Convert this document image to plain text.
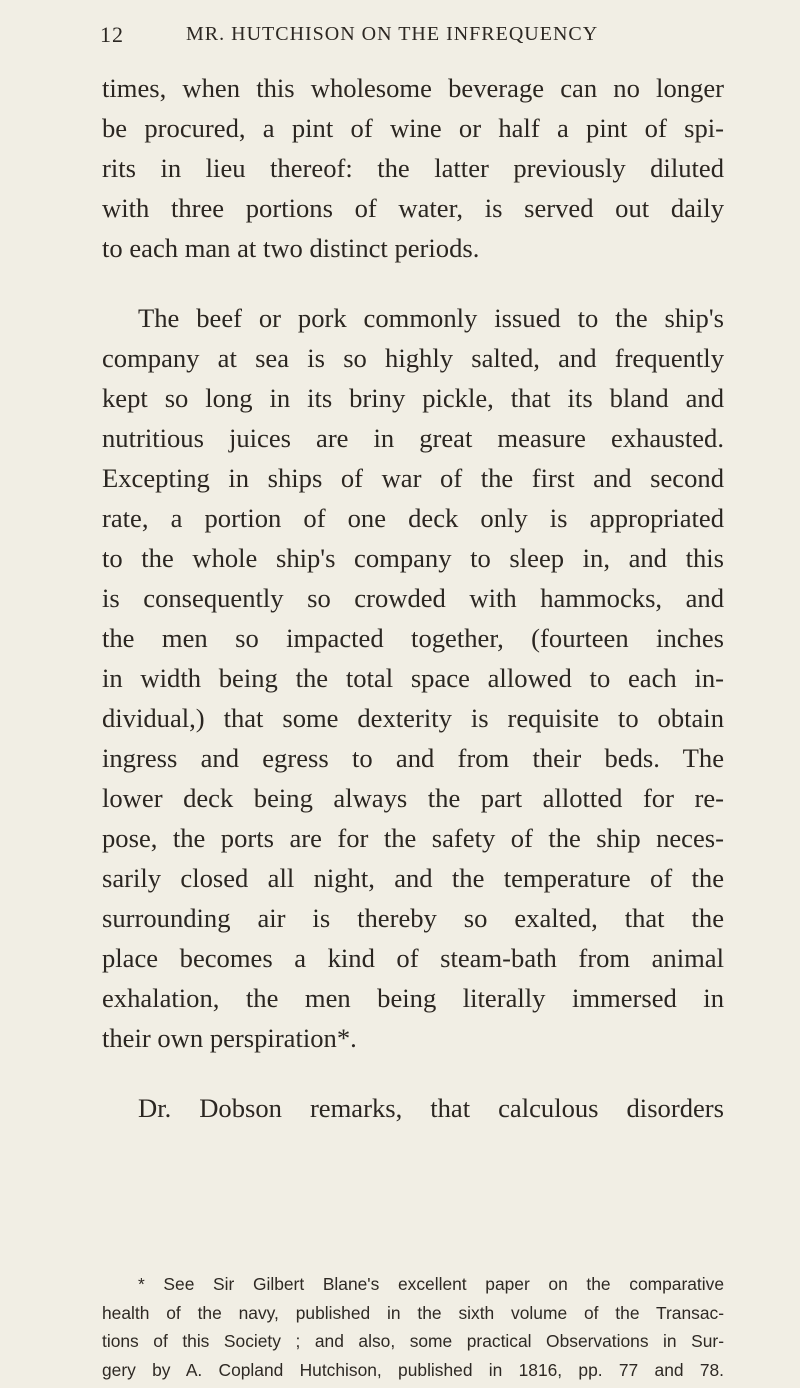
12	MR. HUTCHISON ON THE INFREQUENCY
times, when this wholesome beverage can no longer
be procured, a pint of wine or half a pint of spi-
rits in lieu thereof: the latter previously diluted
with three portions of water, is served out daily
to each man at two distinct periods.
The beef or pork commonly issued to the ship's
company at sea is so highly salted, and frequently
kept so long in its briny pickle, that its bland and
nutritious juices are in great measure exhausted.
Excepting in ships of war of the first and second
rate, a portion of one deck only is appropriated
to the whole ship's company to sleep in, and this
is consequently so crowded with hammocks, and
the men so impacted together, (fourteen inches
in width being the total space allowed to each in-
dividual,) that some dexterity is requisite to obtain
ingress and egress to and from their beds. The
lower deck being always the part allotted for re-
pose, the ports are for the safety of the ship neces-
sarily closed all night, and the temperature of the
surrounding air is thereby so exalted, that the
place becomes a kind of steam-bath from animal
exhalation, the men being literally immersed in
their own perspiration*.
Dr. Dobson remarks, that calculous disorders
* See Sir Gilbert Blane's excellent paper on the comparative
health of the navy, published in the sixth volume of the Transac-
tions of this Society ; and also, some practical Observations in Sur-
gery by A. Copland Hutchison, published in 1816, pp. 77 and 78.
